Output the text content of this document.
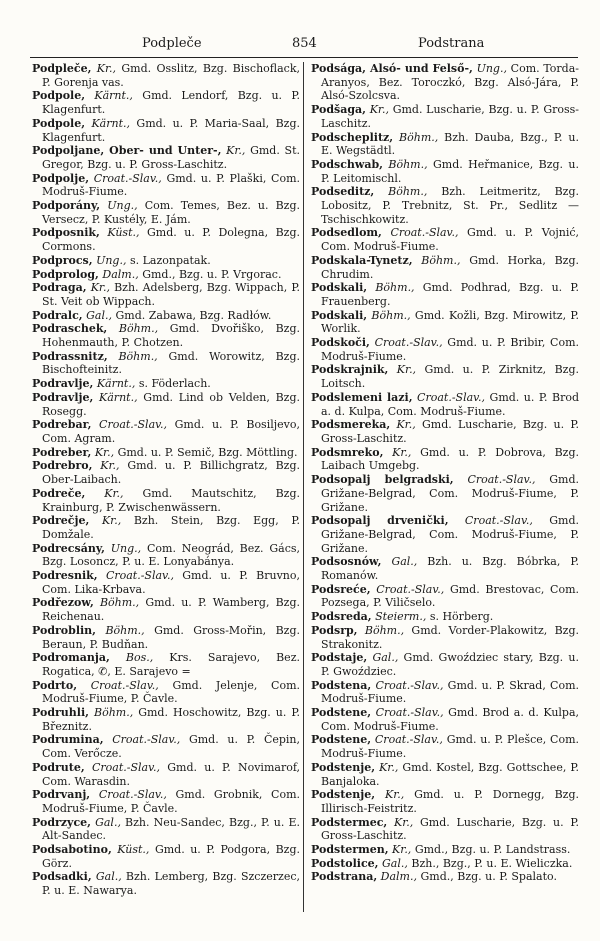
Podpleče	854	Podstrana
Podpleče, Kr., Gmd. Osslitz, Bzg. Bischoflack, P. Gorenja vas.
Podpole, Kärnt., Gmd. Lendorf, Bzg. u. P. Klagenfurt.
Podpole, Kärnt., Gmd. u. P. Maria-Saal, Bzg. Klagenfurt.
Podpoljane, Ober- und Unter-, Kr., Gmd. St. Gregor, Bzg. u. P. Gross-Laschitz.
Podpolje, Croat.-Slav., Gmd. u. P. Plaški, Com. Modruš-Fiume.
Podporány, Ung., Com. Temes, Bez. u. Bzg. Versecz, P. Kustély, E. Jám.
Podposnik, Küst., Gmd. u. P. Dolegna, Bzg. Cormons.
Podprocs, Ung., s. Lazonpatak.
Podprolog, Dalm., Gmd., Bzg. u. P. Vrgorac.
Podraga, Kr., Bzh. Adelsberg, Bzg. Wippach, P. St. Veit ob Wippach.
Podralc, Gal., Gmd. Zabawa, Bzg. Radłów.
Podraschek, Böhm., Gmd. Dvořiško, Bzg. Hohenmauth, P. Chotzen.
Podrassnitz, Böhm., Gmd. Worowitz, Bzg. Bischofteinitz.
Podravlje, Kärnt., s. Föderlach.
Podravlje, Kärnt., Gmd. Lind ob Velden, Bzg. Rosegg.
Podrebar, Croat.-Slav., Gmd. u. P. Bosiljevo, Com. Agram.
Podreber, Kr., Gmd. u. P. Semič, Bzg. Möttling.
Podrebro, Kr., Gmd. u. P. Billichgratz, Bzg. Ober-Laibach.
Podreče, Kr., Gmd. Mautschitz, Bzg. Krainburg, P. Zwischenwässern.
Podrečje, Kr., Bzh. Stein, Bzg. Egg, P. Domžale.
Podrecsány, Ung., Com. Neográd, Bez. Gács, Bzg. Losoncz, P. u. E. Lonyabánya.
Podresnik, Croat.-Slav., Gmd. u. P. Bruvno, Com. Lika-Krbava.
Podřezow, Böhm., Gmd. u. P. Wamberg, Bzg. Reichenau.
Podroblin, Böhm., Gmd. Gross-Mořin, Bzg. Beraun, P. Budňan.
Podromanja, Bos., Krs. Sarajevo, Bez. Rogatica, ✆, E. Sarajevo =
Podrto, Croat.-Slav., Gmd. Jelenje, Com. Modruš-Fiume, P. Čavle.
Podruhli, Böhm., Gmd. Hoschowitz, Bzg. u. P. Březnitz.
Podrumina, Croat.-Slav., Gmd. u. P. Čepin, Com. Verőcze.
Podrute, Croat.-Slav., Gmd. u. P. Novimarof, Com. Warasdin.
Podrvanj, Croat.-Slav., Gmd. Grobnik, Com. Modruš-Fiume, P. Čavle.
Podrzyce, Gal., Bzh. Neu-Sandec, Bzg., P. u. E. Alt-Sandec.
Podsabotino, Küst., Gmd. u. P. Podgora, Bzg. Görz.
Podsadki, Gal., Bzh. Lemberg, Bzg. Szczerzec, P. u. E. Nawarya.
Podsága, Alsó- und Felső-, Ung., Com. Torda-Aranyos, Bez. Toroczkó, Bzg. Alsó-Jára, P. Alsó-Szolcsva.
Podšaga, Kr., Gmd. Luscharie, Bzg. u. P. Gross-Laschitz.
Podscheplitz, Böhm., Bzh. Dauba, Bzg., P. u. E. Wegstädtl.
Podschwab, Böhm., Gmd. Heřmanice, Bzg. u. P. Leitomischl.
Podseditz, Böhm., Bzh. Leitmeritz, Bzg. Lobositz, P. Trebnitz, St. Pr., Sedlitz — Tschischkowitz.
Podsedlom, Croat.-Slav., Gmd. u. P. Vojnić, Com. Modruš-Fiume.
Podskala-Tynetz, Böhm., Gmd. Horka, Bzg. Chrudim.
Podskali, Böhm., Gmd. Podhrad, Bzg. u. P. Frauenberg.
Podskali, Böhm., Gmd. Kožli, Bzg. Mirowitz, P. Worlik.
Podskoči, Croat.-Slav., Gmd. u. P. Bribir, Com. Modruš-Fiume.
Podskrajnik, Kr., Gmd. u. P. Zirknitz, Bzg. Loitsch.
Podslemeni lazi, Croat.-Slav., Gmd. u. P. Brod a. d. Kulpa, Com. Modruš-Fiume.
Podsmereka, Kr., Gmd. Luscharie, Bzg. u. P. Gross-Laschitz.
Podsmreko, Kr., Gmd. u. P. Dobrova, Bzg. Laibach Umgebg.
Podsopalj belgradski, Croat.-Slav., Gmd. Grižane-Belgrad, Com. Modruš-Fiume, P. Grižane.
Podsopalj drvenički, Croat.-Slav., Gmd. Grižane-Belgrad, Com. Modruš-Fiume, P. Grižane.
Podsosnów, Gal., Bzh. u. Bzg. Bóbrka, P. Romanów.
Podsreće, Croat.-Slav., Gmd. Brestovac, Com. Pozsega, P. Viličselo.
Podsreda, Steierm., s. Hörberg.
Podsrp, Böhm., Gmd. Vorder-Plakowitz, Bzg. Strakonitz.
Podstaje, Gal., Gmd. Gwoździec stary, Bzg. u. P. Gwoździec.
Podstena, Croat.-Slav., Gmd. u. P. Skrad, Com. Modruš-Fiume.
Podstene, Croat.-Slav., Gmd. Brod a. d. Kulpa, Com. Modruš-Fiume.
Podstene, Croat.-Slav., Gmd. u. P. Plešce, Com. Modruš-Fiume.
Podstenje, Kr., Gmd. Kostel, Bzg. Gottschee, P. Banjaloka.
Podstenje, Kr., Gmd. u. P. Dornegg, Bzg. Illirisch-Feistritz.
Podstermec, Kr., Gmd. Luscharie, Bzg. u. P. Gross-Laschitz.
Podstermen, Kr., Gmd., Bzg. u. P. Landstrass.
Podstolice, Gal., Bzh., Bzg., P. u. E. Wieliczka.
Podstrana, Dalm., Gmd., Bzg. u. P. Spalato.
